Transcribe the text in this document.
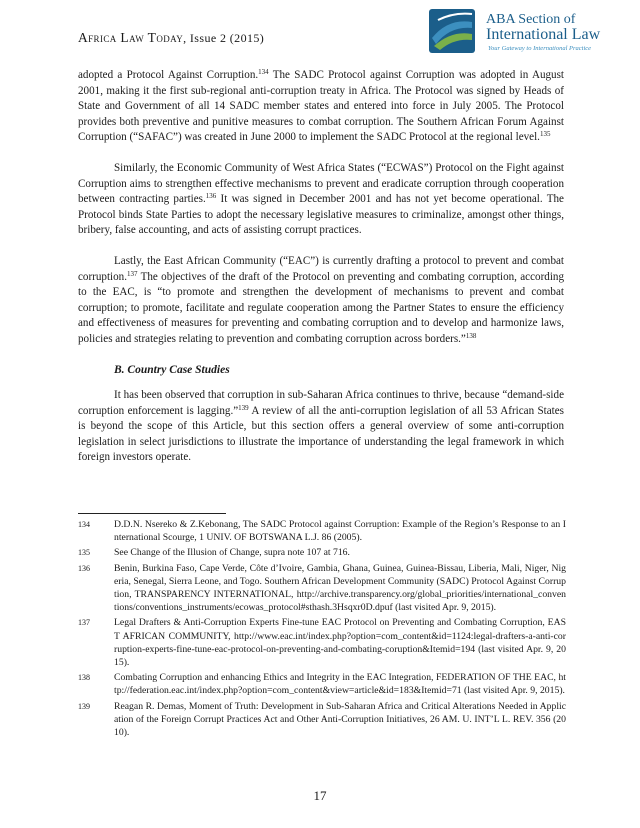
Africa Law Today, Issue 2 (2015)
ABA Section of
International Law
Your Gateway to International Practice

adopted a Protocol Against Corruption.$^{134}$ The SADC Protocol against Corruption was adopted in August 2001, making it the first sub-regional anti-corruption treaty in Africa. The Protocol was signed by Heads of State and Government of all 14 SADC member states and entered into force in July 2005. The Protocol provides both preventive and punitive measures to combat corruption. The Southern African Forum Against Corruption (“SAFAC”) was created in June 2000 to implement the SADC Protocol at the regional level.$^{135}$

Similarly, the Economic Community of West Africa States (“ECWAS”) Protocol on the Fight against Corruption aims to strengthen effective mechanisms to prevent and eradicate corruption through cooperation between contracting parties.$^{136}$ It was signed in December 2001 and has not yet become operational. The Protocol binds State Parties to adopt the necessary legislative measures to criminalize, amongst other things, bribery, false accounting, and acts of assisting corrupt practices.

Lastly, the East African Community (“EAC”) is currently drafting a protocol to prevent and combat corruption.$^{137}$ The objectives of the draft of the Protocol on preventing and combating corruption, according to the EAC, is “to promote and strengthen the development of mechanisms to prevent and combat corruption; to promote, facilitate and regulate cooperation among the Partner States to ensure the efficiency and effectiveness of measures for preventing and combating corruption and to develop and harmonize laws, policies and strategies relating to prevention and combating corruption across borders.”$^{138}$

B. Country Case Studies

It has been observed that corruption in sub-Saharan Africa continues to thrive, because “demand-side corruption enforcement is lagging.”$^{139}$ A review of all the anti-corruption legislation of all 53 African States is beyond the scope of this Article, but this section offers a general overview of some anti-corruption legislation in select jurisdictions to illustrate the importance of understanding the legal framework in which foreign investors operate.

134	D.D.N. Nsereko & Z.Kebonang, The SADC Protocol against Corruption: Example of the Region’s Response to an International Scourge, 1 UNIV. OF BOTSWANA L.J. 86 (2005).
135	See Change of the Illusion of Change, supra note 107 at 716.
136	Benin, Burkina Faso, Cape Verde, Côte d’Ivoire, Gambia, Ghana, Guinea, Guinea-Bissau, Liberia, Mali, Niger, Nigeria, Senegal, Sierra Leone, and Togo. Southern African Development Community (SADC) Protocol Against Corruption, TRANSPARENCY INTERNATIONAL, http://archive.transparency.org/global_priorities/international_conventions/conventions_instruments/ecowas_protocol#sthash.3Hsqxr0D.dpuf (last visited Apr. 9, 2015).
137	Legal Drafters & Anti-Corruption Experts Fine-tune EAC Protocol on Preventing and Combating Corruption, EAST AFRICAN COMMUNITY, http://www.eac.int/index.php?option=com_content&id=1124:legal-drafters-a-anti-corruption-experts-fine-tune-eac-protocol-on-preventing-and-combating-coruption&Itemid=194 (last visited Apr. 9, 2015).
138	Combating Corruption and enhancing Ethics and Integrity in the EAC Integration, FEDERATION OF THE EAC, http://federation.eac.int/index.php?option=com_content&view=article&id=183&Itemid=71 (last visited Apr. 9, 2015).
139	Reagan R. Demas, Moment of Truth: Development in Sub-Saharan Africa and Critical Alterations Needed in Application of the Foreign Corrupt Practices Act and Other Anti-Corruption Initiatives, 26 AM. U. INT’L L. REV. 356 (2010).
17
